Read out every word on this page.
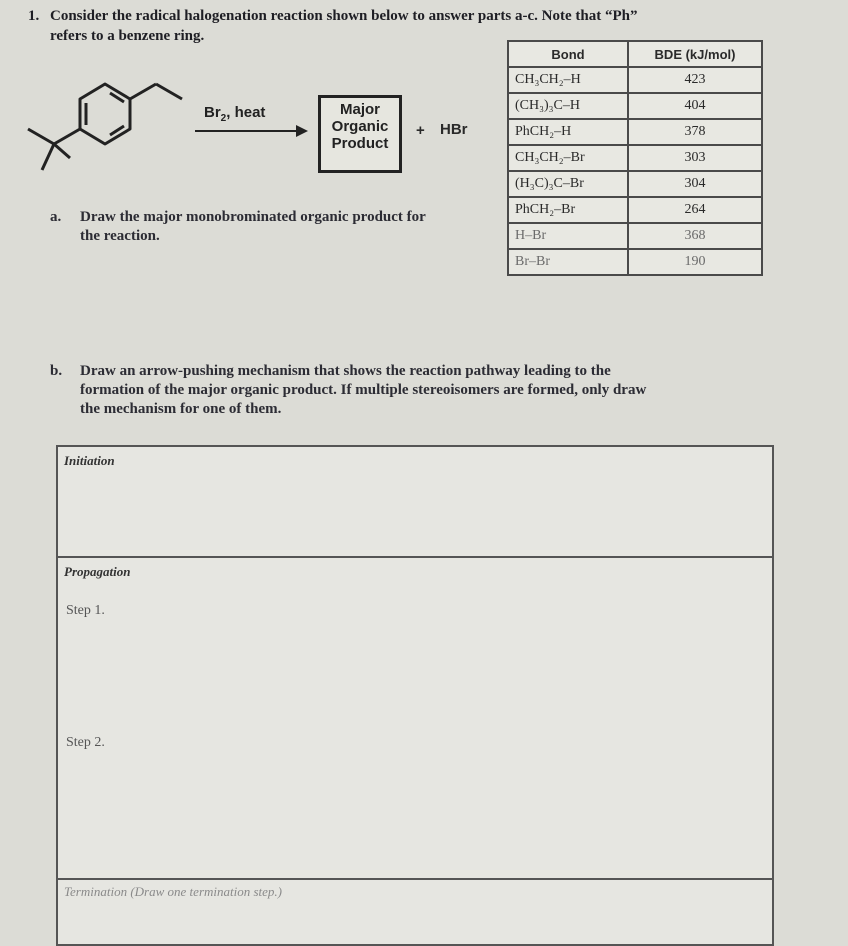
1. Consider the radical halogenation reaction shown below to answer parts a-c. Note that “Ph”
refers to a benzene ring.
$Br_2$, heat	Major
Organic
Product
+ HBr
Bond	BDE (kJ/mol)
CH₃CH₂–H	423
(CH₃)₃C–H	404
PhCH₂–H	378
CH₃CH₂–Br	303
(H₃C)₃C–Br	304
PhCH₂–Br	264
H–Br	368
Br–Br	190
a. Draw the major monobrominated organic product for
the reaction.
b. Draw an arrow-pushing mechanism that shows the reaction pathway leading to the
formation of the major organic product. If multiple stereoisomers are formed, only draw
the mechanism for one of them.
Initiation
Propagation
Step 1.
Step 2.
Termination (Draw one termination step.)
